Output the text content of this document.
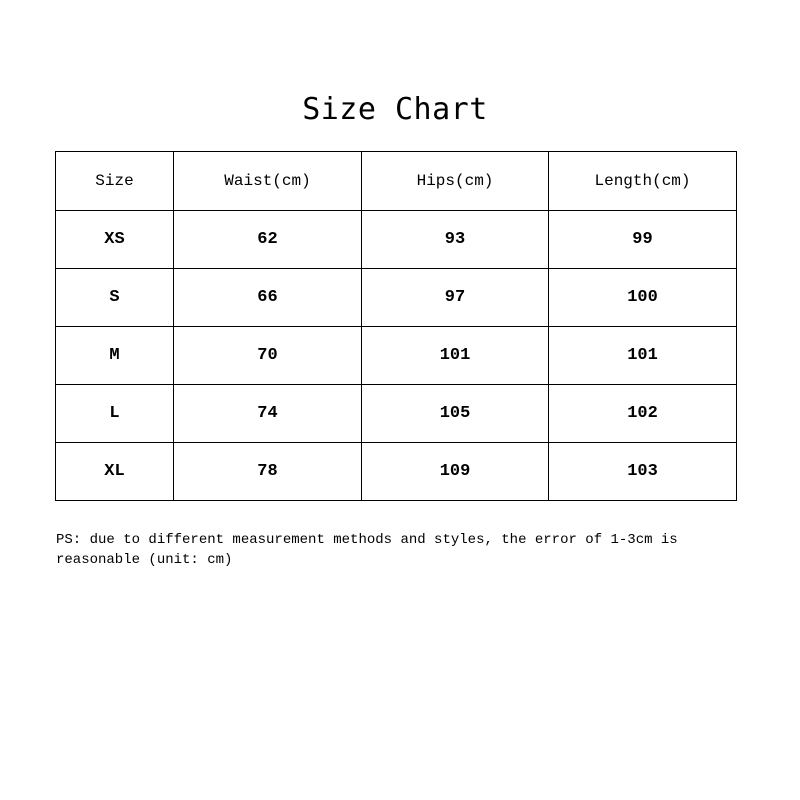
Size Chart
Size	Waist(cm)	Hips(cm)	Length(cm)
XS	62	93	99
S	66	97	100
M	70	101	101
L	74	105	102
XL	78	109	103
PS: due to different measurement methods and styles, the error of 1-3cm is reasonable (unit: cm)
